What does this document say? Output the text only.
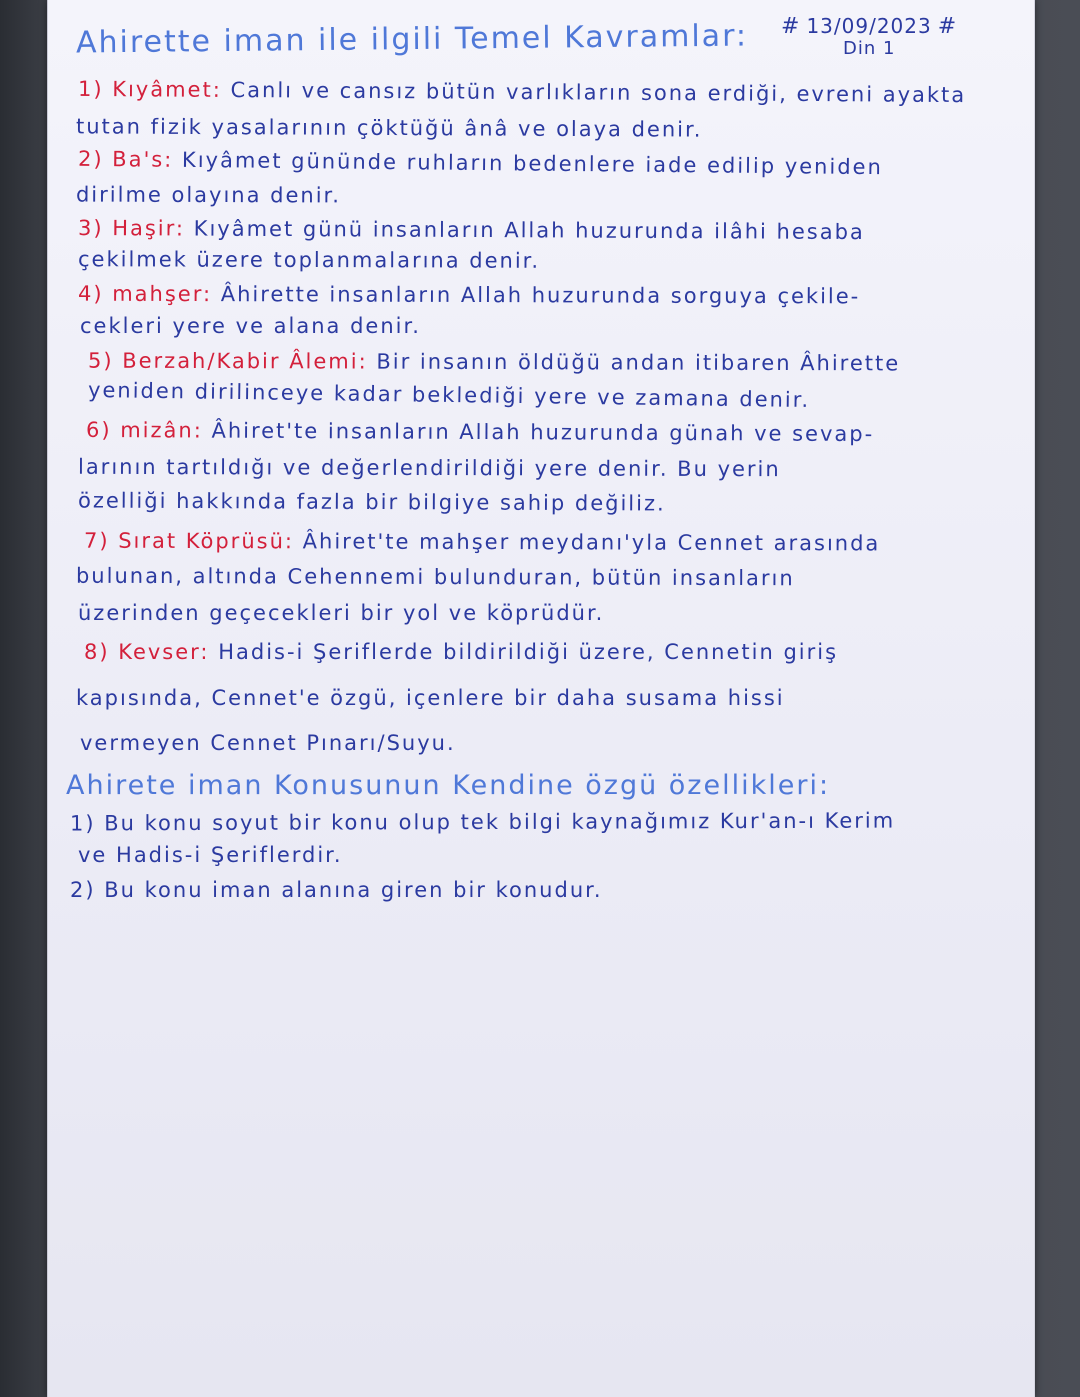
Ahirette iman ile ilgili Temel Kavramlar: # 13/09/2023 #
Din 1
1) Kıyâmet: Canlı ve cansız bütün varlıkların sona erdiği, evreni ayakta
tutan fizik yasalarının çöktüğü ânâ ve olaya denir.
2) Ba's: Kıyâmet gününde ruhların bedenlere iade edilip yeniden
dirilme olayına denir.
3) Haşir: Kıyâmet günü insanların Allah huzurunda ilâhi hesaba
çekilmek üzere toplanmalarına denir.
4) mahşer: Âhirette insanların Allah huzurunda sorguya çekile-
cekleri yere ve alana denir.
5) Berzah/Kabir Âlemi: Bir insanın öldüğü andan itibaren Âhirette
yeniden dirilinceye kadar beklediği yere ve zamana denir.
6) mizân: Âhiret'te insanların Allah huzurunda günah ve sevap-
larının tartıldığı ve değerlendirildiği yere denir. Bu yerin
özelliği hakkında fazla bir bilgiye sahip değiliz.
7) Sırat Köprüsü: Âhiret'te mahşer meydanı'yla Cennet arasında
bulunan, altında Cehennemi bulunduran, bütün insanların
üzerinden geçecekleri bir yol ve köprüdür.
8) Kevser: Hadis-i Şeriflerde bildirildiği üzere, Cennetin giriş
kapısında, Cennet'e özgü, içenlere bir daha susama hissi
vermeyen Cennet Pınarı/Suyu.
Ahirete iman Konusunun Kendine özgü özellikleri:
1) Bu konu soyut bir konu olup tek bilgi kaynağımız Kur'an-ı Kerim
ve Hadis-i Şeriflerdir.
2) Bu konu iman alanına giren bir konudur.
